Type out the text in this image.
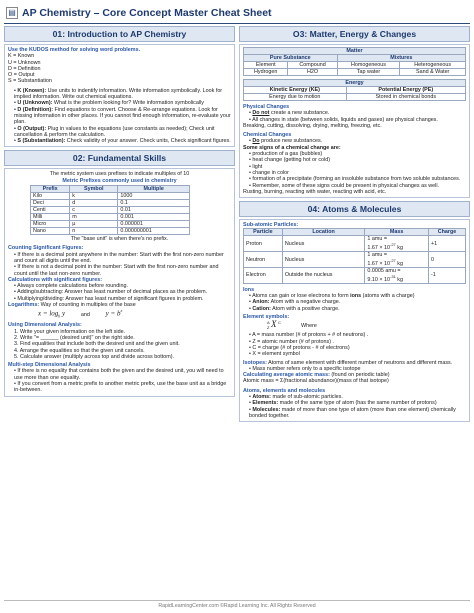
▤ AP Chemistry – Core Concept Master Cheat Sheet
01: Introduction to AP Chemistry
Use the KUDOS method for solving word problems.
K = Known
U = Unknown
D = Definition
O = Output
S = Substantiation
• K (Known): Use units to indentify information. Write information symbolically. Look for implied information. Write out chemical equations.
• U (Unknown): What is the problem looking for? Write information symbolically
• D (Definition): Find equations to convert. Choose & Re-arrange equations. Look for missing information in other places. If you cannot find enough information, re-evaluate your plan.
• O (Output): Plug in values to the equations (use constants as needed); Check unit cancellation & perform the calculation.
• S (Substantiation): Check validity of your answer. Check units, Check significant figures.
02: Fundamental Skills
The metric system uses prefixes to indicate multiples of 10
Metric Prefixes commonly used in chemistry
Prefix	Symbol	Multiple
Kilo	k	1000
Deci	d	0.1
Centi	c	0.01
Milli	m	0.001
Micro	µ	0.000001
Nano	n	0.000000001
The "base unit" is when there's no prefix.
Counting Significant Figures:
• If there is a decimal point anywhere in the number: Start with the first non-zero number and count all digits until the end.
• If there is not a decimal point in the number: Start with the first non-zero number and count until the last non-zero number.
Calculations with significant figures:
• Always complete calculations before rounding.
• Adding/subtracting: Answer has least number of decimal places as the problem.
• Multiplying/dividing: Answer has least number of significant figures in problem.
Logarithms: Way of counting in multiples of the base
$x = \log_b y$	and $y = b^x$
Using Dimensional Analysis:
1. Write your given information on the left side.
2. Write "= ______ (desired unit)" on the right side.
3. Find equalities that include both the desired unit and the given unit.
4. Arrange the equalities so that the given unit cancels.
5. Calculate answer (multiply across top and divide across bottom).
Multi-step Dimensional Analysis
• If there is no equality that contains both the given and the desired unit, you will need to use more than one equality.
• If you convert from a metric prefix to another metric prefix, use the base unit as a bridge in-between.
O3: Matter, Energy & Changes
Matter			
Pure Substance		Mixtures	
Element	Compound	Homogeneous	Heterogeneous
Hydrogen	H2O	Tap water	Sand & Water
Energy	
Kinetic Energy (KE)	Potential Energy (PE)
Energy due to motion	Stored in chemical bonds
Physical Changes
• Do not create a new substance.
• All changes in state (between solids, liquids and gases) are physical changes.
Breaking, cutting, dissolving, drying, melting, freezing, etc.
Chemical Changes
• Do produce new substances.
Some signs of a chemical change are:
• production of a gas (bubbles)
• heat change (getting hot or cold)
• light
• change in color
• formation of a precipitate (forming an insoluble substance from two soluble substances.
• Remember, some of these signs could be present in physical changes as well.
Rusting, burning, reacting with water, reacting with acid, etc.
04: Atoms & Molecules
Sub-atomic Particles:
Particle	Location	Mass	Charge
Proton	Nucleus	1 amu =
$1.67 \times 10^{-27}$ kg	+1
Neutron	Nucleus	1 amu =
$1.67 \times 10^{-27}$ kg	0
Electron	Outside the nucleus	0.0005 amu =
$9.10 \times 10^{-31}$ kg	-1
Ions
• Atoms can gain or lose electrons to form ions (atoms with a charge)
• Anion: Atom with a negative charge.
• Cation: Atom with a positive charge.
Element symbols:
A
Z X C
Where
• A = mass number (# of protons + # of neutrons) .
• Z = atomic number (# of protons) .
• C = charge (# of protons - # of electrons)
• X = element symbol
Isotopes: Atoms of same element with different number of neutrons and different mass.
• Mass number refers only to a specific isotope
Calculating average atomic mass: (found on periodic table)
Atomic mass = Σ(fractional abundance)(mass of that isotope)
Atoms, elements and molecules
• Atoms: made of sub-atomic particles.
• Elements: made of the same type of atom (has the same number of protons)
• Molecules: made of more than one type of atom (more than one element) chemically bonded together.
RapidLearningCenter.com ©Rapid Learning Inc. All Rights Reserved
